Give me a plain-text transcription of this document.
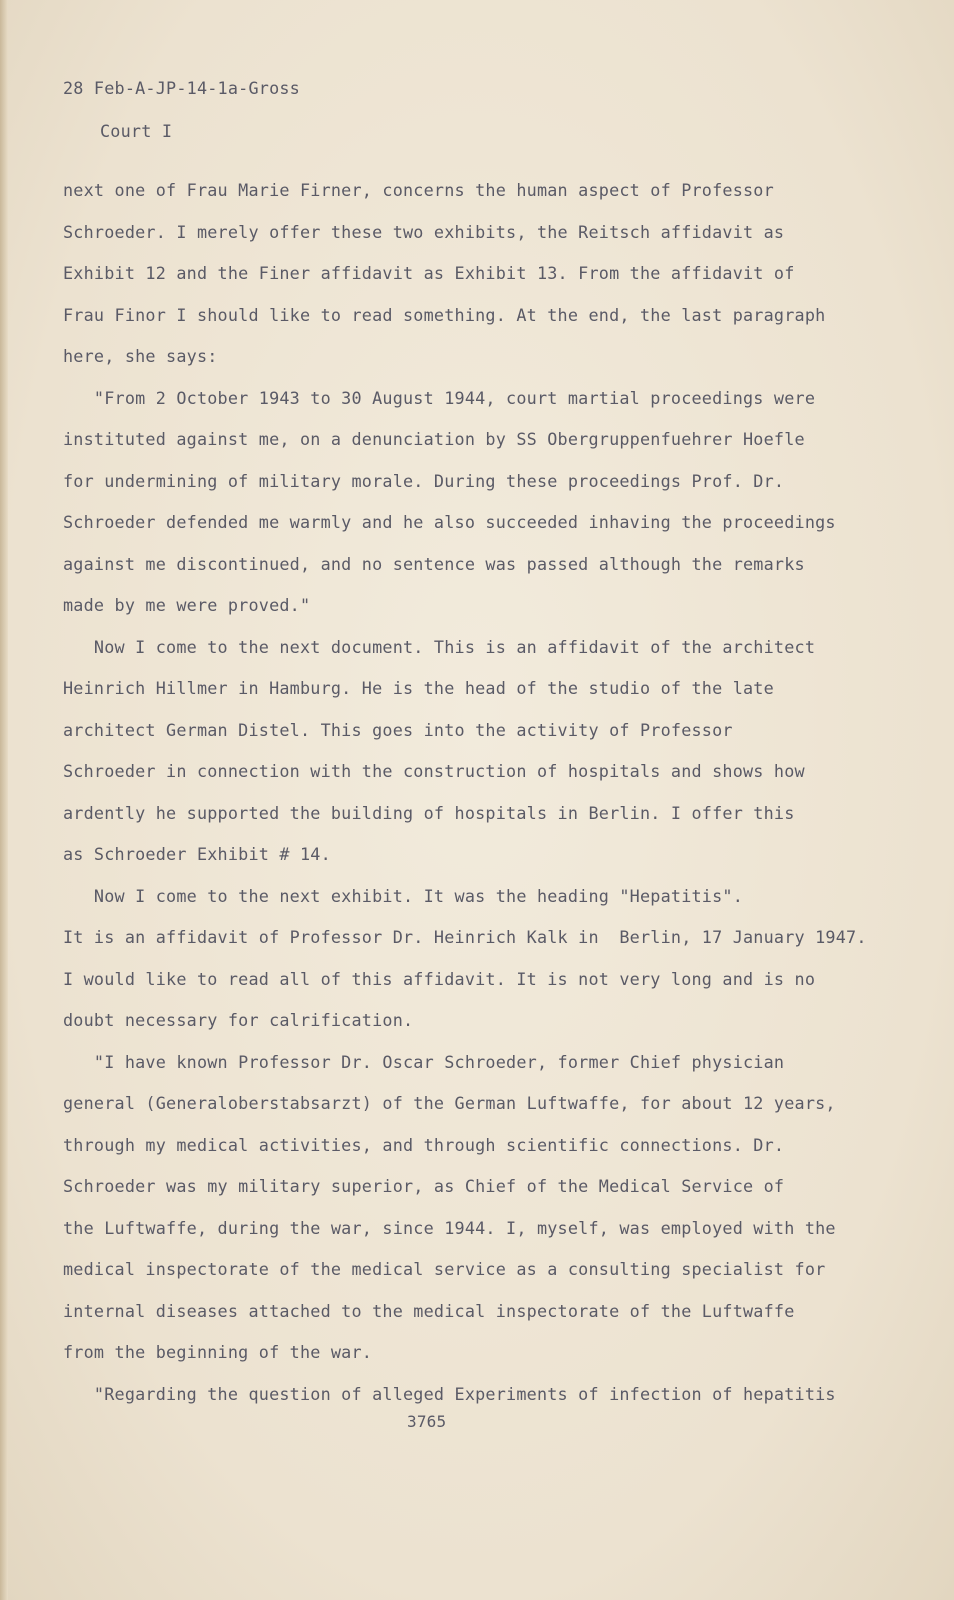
28 Feb-A-JP-14-1a-Gross
Court I
next one of Frau Marie Firner, concerns the human aspect of Professor
Schroeder. I merely offer these two exhibits, the Reitsch affidavit as
Exhibit 12 and the Finer affidavit as Exhibit 13. From the affidavit of
Frau Finor I should like to read something. At the end, the last paragraph
here, she says:
"From 2 October 1943 to 30 August 1944, court martial proceedings were
instituted against me, on a denunciation by SS Obergruppenfuehrer Hoefle
for undermining of military morale. During these proceedings Prof. Dr.
Schroeder defended me warmly and he also succeeded inhaving the proceedings
against me discontinued, and no sentence was passed although the remarks
made by me were proved."
Now I come to the next document. This is an affidavit of the architect
Heinrich Hillmer in Hamburg. He is the head of the studio of the late
architect German Distel. This goes into the activity of Professor
Schroeder in connection with the construction of hospitals and shows how
ardently he supported the building of hospitals in Berlin. I offer this
as Schroeder Exhibit # 14.
Now I come to the next exhibit. It was the heading "Hepatitis".
It is an affidavit of Professor Dr. Heinrich Kalk in  Berlin, 17 January 1947.
I would like to read all of this affidavit. It is not very long and is no
doubt necessary for calrification.
"I have known Professor Dr. Oscar Schroeder, former Chief physician
general (Generaloberstabsarzt) of the German Luftwaffe, for about 12 years,
through my medical activities, and through scientific connections. Dr.
Schroeder was my military superior, as Chief of the Medical Service of
the Luftwaffe, during the war, since 1944. I, myself, was employed with the
medical inspectorate of the medical service as a consulting specialist for
internal diseases attached to the medical inspectorate of the Luftwaffe
from the beginning of the war.
"Regarding the question of alleged Experiments of infection of hepatitis
3765
